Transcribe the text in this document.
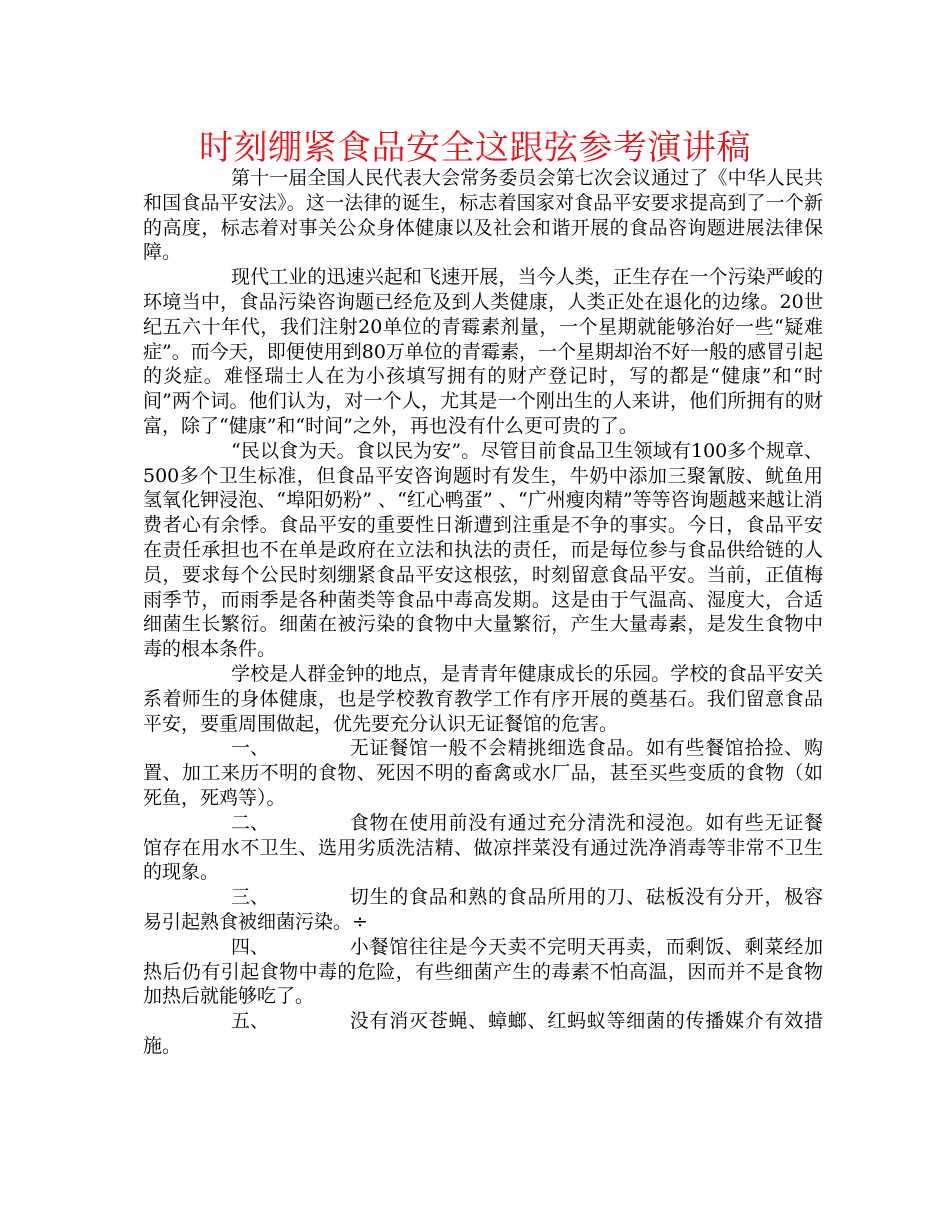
时刻绷紧食品安全这跟弦参考演讲稿

第十一届全国人民代表大会常务委员会第七次会议通过了《中华人民共和国食品平安法》。这一法律的诞生，标志着国家对食品平安要求提高到了一个新的高度，标志着对事关公众身体健康以及社会和谐开展的食品咨询题进展法律保障。

现代工业的迅速兴起和飞速开展，当今人类，正生存在一个污染严峻的环境当中，食品污染咨询题已经危及到人类健康，人类正处在退化的边缘。20世纪五六十年代，我们注射20单位的青霉素剂量，一个星期就能够治好一些“疑难症”。而今天，即便使用到80万单位的青霉素，一个星期却治不好一般的感冒引起的炎症。难怪瑞士人在为小孩填写拥有的财产登记时，写的都是“健康”和“时间”两个词。他们认为，对一个人，尤其是一个刚出生的人来讲，他们所拥有的财富，除了“健康”和“时间”之外，再也没有什么更可贵的了。

“民以食为天。食以民为安”。尽管目前食品卫生领域有100多个规章、500多个卫生标准，但食品平安咨询题时有发生，牛奶中添加三聚氰胺、鱿鱼用氢氧化钾浸泡、“埠阳奶粉” 、“红心鸭蛋” 、“广州瘦肉精”等等咨询题越来越让消费者心有余悸。食品平安的重要性日渐遭到注重是不争的事实。今日，食品平安在责任承担也不在单是政府在立法和执法的责任，而是每位参与食品供给链的人员，要求每个公民时刻绷紧食品平安这根弦，时刻留意食品平安。当前，正值梅雨季节，而雨季是各种菌类等食品中毒高发期。这是由于气温高、湿度大，合适细菌生长繁衍。细菌在被污染的食物中大量繁衍，产生大量毒素，是发生食物中毒的根本条件。

学校是人群金钟的地点，是青青年健康成长的乐园。学校的食品平安关系着师生的身体健康，也是学校教育教学工作有序开展的奠基石。我们留意食品平安，要重周围做起，优先要充分认识无证餐馆的危害。

一、	无证餐馆一般不会精挑细选食品。如有些餐馆拾捡、购置、加工来历不明的食物、死因不明的畜禽或水厂品，甚至买些变质的食物（如死鱼，死鸡等）。

二、	食物在使用前没有通过充分清洗和浸泡。如有些无证餐馆存在用水不卫生、选用劣质洗洁精、做凉拌菜没有通过洗净消毒等非常不卫生的现象。

三、	切生的食品和熟的食品所用的刀、砝板没有分开，极容易引起熟食被细菌污染。÷

四、	小餐馆往往是今天卖不完明天再卖，而剩饭、剩菜经加热后仍有引起食物中毒的危险，有些细菌产生的毒素不怕高温，因而并不是食物加热后就能够吃了。

五、	没有消灭苍蝇、蟑螂、红蚂蚁等细菌的传播媒介有效措施。
